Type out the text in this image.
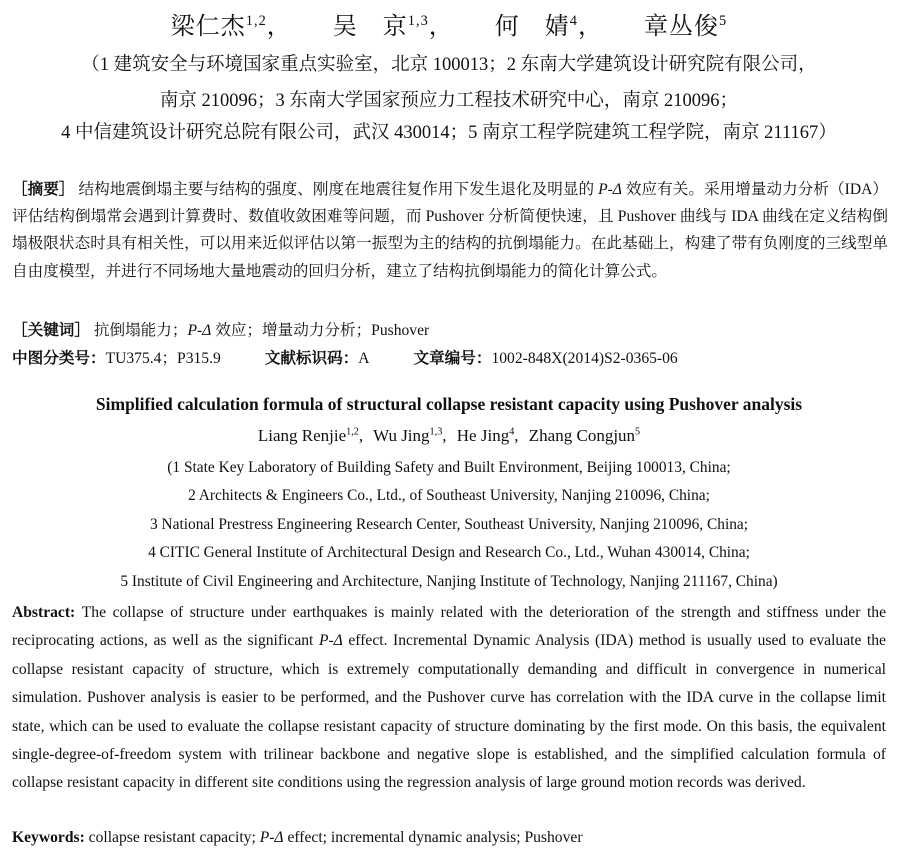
梁仁杰$^{1,2}$， 吴　京$^{1,3}$， 何　婧$^4$， 章丛俊$^5$
（1 建筑安全与环境国家重点实验室，北京 100013；2 东南大学建筑设计研究院有限公司，
南京 210096；3 东南大学国家预应力工程技术研究中心，南京 210096；
4 中信建筑设计研究总院有限公司，武汉 430014；5 南京工程学院建筑工程学院，南京 211167）
［摘要］ 结构地震倒塌主要与结构的强度、刚度在地震往复作用下发生退化及明显的 P-Δ 效应有关。采用增量动力分析（IDA）评估结构倒塌常会遇到计算费时、数值收敛困难等问题，而 Pushover 分析简便快速，且 Pushover 曲线与 IDA 曲线在定义结构倒塌极限状态时具有相关性，可以用来近似评估以第一振型为主的结构的抗倒塌能力。在此基础上，构建了带有负刚度的三线型单自由度模型，并进行不同场地大量地震动的回归分析，建立了结构抗倒塌能力的简化计算公式。
［关键词］ 抗倒塌能力；P-Δ 效应；增量动力分析；Pushover
中图分类号：TU375.4；P315.9	文献标识码：A	文章编号：1002-848X(2014)S2-0365-06
Simplified calculation formula of structural collapse resistant capacity using Pushover analysis
Liang Renjie$^{1,2}$, Wu Jing$^{1,3}$, He Jing$^4$, Zhang Congjun$^5$
(1 State Key Laboratory of Building Safety and Built Environment, Beijing 100013, China;
2 Architects & Engineers Co., Ltd., of Southeast University, Nanjing 210096, China;
3 National Prestress Engineering Research Center, Southeast University, Nanjing 210096, China;
4 CITIC General Institute of Architectural Design and Research Co., Ltd., Wuhan 430014, China;
5 Institute of Civil Engineering and Architecture, Nanjing Institute of Technology, Nanjing 211167, China)
Abstract: The collapse of structure under earthquakes is mainly related with the deterioration of the strength and stiffness under the reciprocating actions, as well as the significant P-Δ effect. Incremental Dynamic Analysis (IDA) method is usually used to evaluate the collapse resistant capacity of structure, which is extremely computationally demanding and difficult in convergence in numerical simulation. Pushover analysis is easier to be performed, and the Pushover curve has correlation with the IDA curve in the collapse limit state, which can be used to evaluate the collapse resistant capacity of structure dominating by the first mode. On this basis, the equivalent single-degree-of-freedom system with trilinear backbone and negative slope is established, and the simplified calculation formula of collapse resistant capacity in different site conditions using the regression analysis of large ground motion records was derived.
Keywords: collapse resistant capacity; P-Δ effect; incremental dynamic analysis; Pushover
